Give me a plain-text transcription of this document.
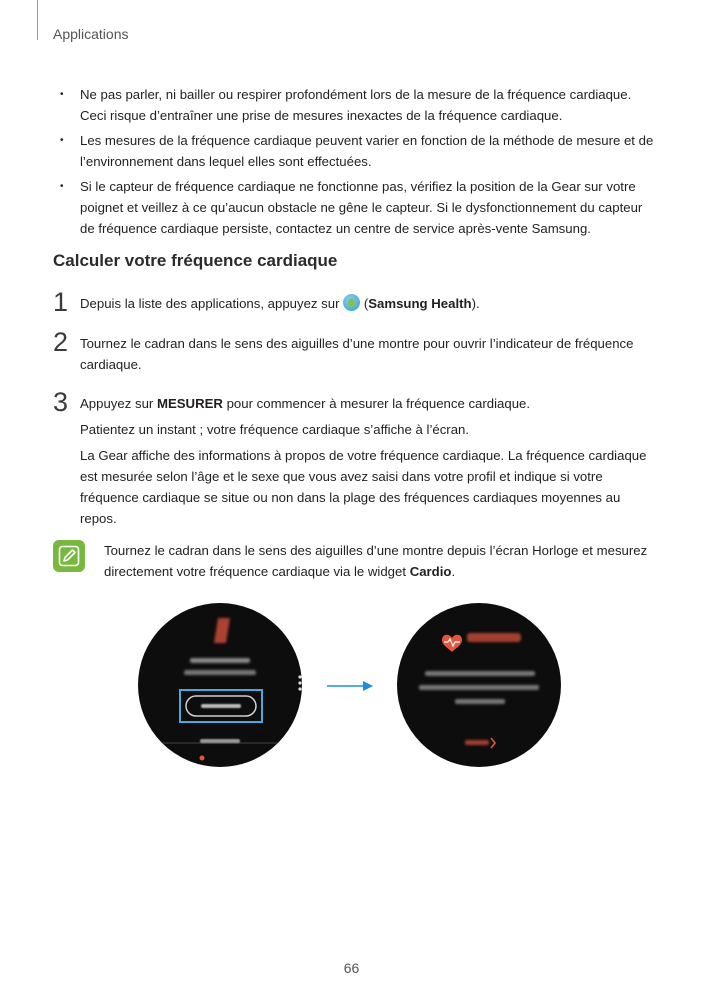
Applications
• Ne pas parler, ni bailler ou respirer profondément lors de la mesure de la fréquence cardiaque. Ceci risque d’entraîner une prise de mesures inexactes de la fréquence cardiaque.
• Les mesures de la fréquence cardiaque peuvent varier en fonction de la méthode de mesure et de l’environnement dans lequel elles sont effectuées.
• Si le capteur de fréquence cardiaque ne fonctionne pas, vérifiez la position de la Gear sur votre poignet et veillez à ce qu’aucun obstacle ne gêne le capteur. Si le dysfonctionnement du capteur de fréquence cardiaque persiste, contactez un centre de service après-vente Samsung.
Calculer votre fréquence cardiaque
1 Depuis la liste des applications, appuyez sur  (Samsung Health).

2 Tournez le cadran dans le sens des aiguilles d’une montre pour ouvrir l’indicateur de fréquence cardiaque.

3 Appuyez sur MESURER pour commencer à mesurer la fréquence cardiaque.

Patientez un instant ; votre fréquence cardiaque s’affiche à l’écran.

La Gear affiche des informations à propos de votre fréquence cardiaque. La fréquence cardiaque est mesurée selon l’âge et le sexe que vous avez saisi dans votre profil et indique si votre fréquence cardiaque se situe ou non dans la plage des fréquences cardiaques moyennes au repos.

Tournez le cadran dans le sens des aiguilles d’une montre depuis l’écran Horloge et mesurez directement votre fréquence cardiaque via le widget Cardio.

66
